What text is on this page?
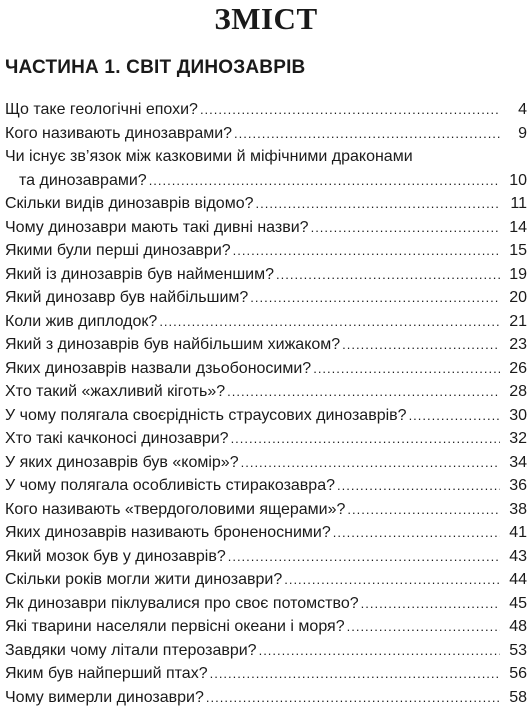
ЗМІСТ
ЧАСТИНА 1. СВІТ ДИНОЗАВРІВ
Що таке геологічні епохи? .....	4
Кого називають динозаврами? .....	9
Чи існує зв’язок між казковими й міфічними драконами
та динозаврами? .....	10
Скільки видів динозаврів відомо? .....	11
Чому динозаври мають такі дивні назви? .....	14
Якими були перші динозаври? .....	15
Який із динозаврів був найменшим? .....	19
Який динозавр був найбільшим? .....	20
Коли жив диплодок? .....	21
Який з динозаврів був найбільшим хижаком? .....	23
Яких динозаврів назвали дзьобоносими? .....	26
Хто такий «жахливий кіготь»? .....	28
У чому полягала своєрідність страусових динозаврів? .....	30
Хто такі качконосі динозаври? .....	32
У яких динозаврів був «комір»? .....	34
У чому полягала особливість стиракозавра? .....	36
Кого називають «твердоголовими ящерами»? .....	38
Яких динозаврів називають броненосними? .....	41
Який мозок був у динозаврів? .....	43
Скільки років могли жити динозаври? .....	44
Як динозаври піклувалися про своє потомство? .....	45
Які тварини населяли первісні океани і моря? .....	48
Завдяки чому літали птерозаври? .....	53
Яким був найперший птах? .....	56
Чому вимерли динозаври? .....	58
